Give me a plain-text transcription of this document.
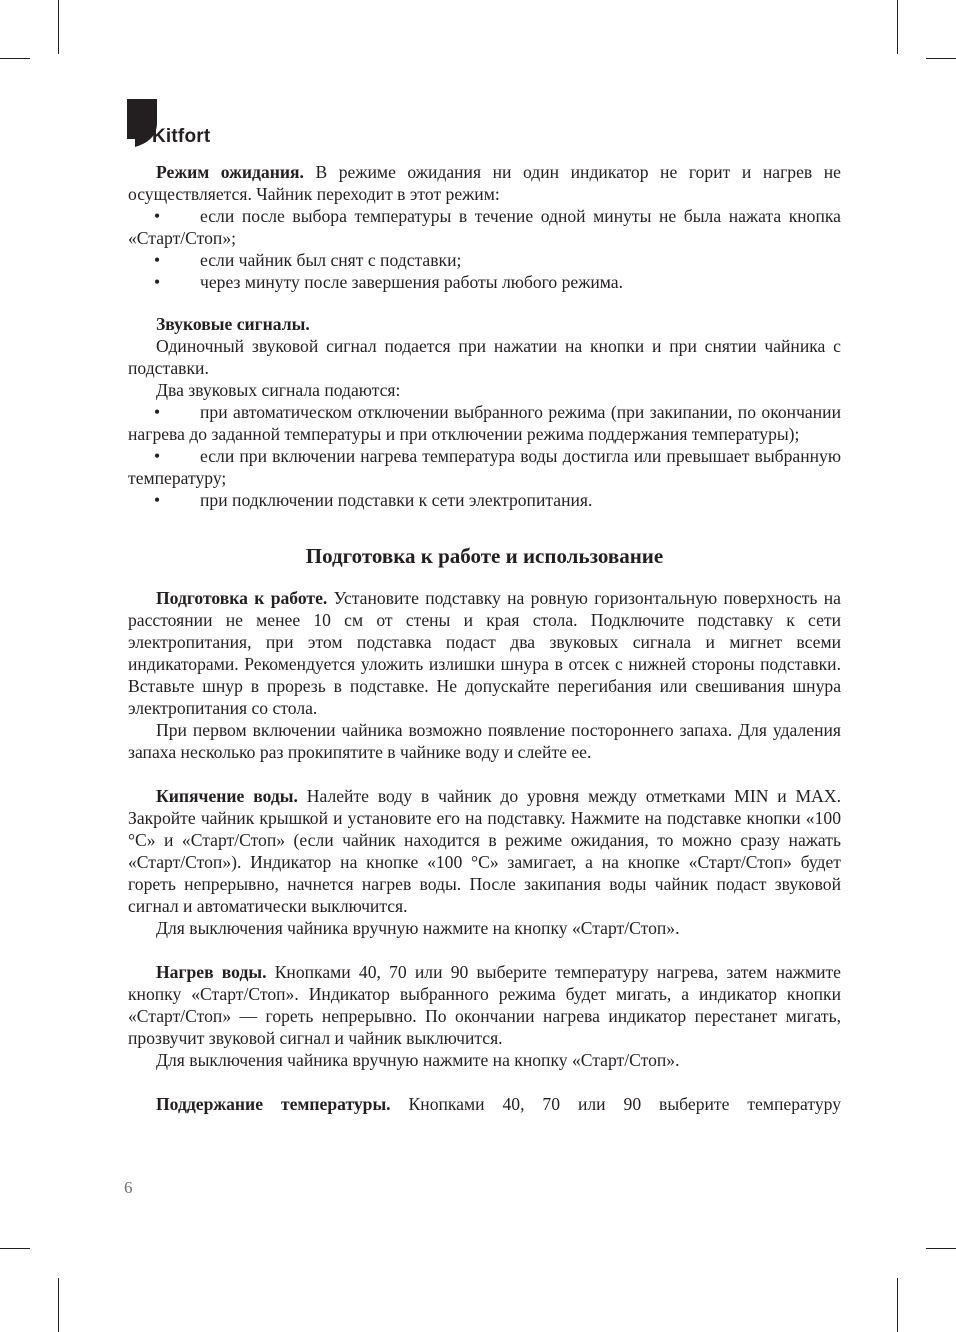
Kitfort

Режим ожидания. В режиме ожидания ни один индикатор не горит и нагрев не осуществляется. Чайник переходит в этот режим:

• если после выбора температуры в течение одной минуты не была нажата кнопка «Старт/Стоп»;

• если чайник был снят с подставки;

• через минуту после завершения работы любого режима.

Звуковые сигналы.

Одиночный звуковой сигнал подается при нажатии на кнопки и при снятии чайника с подставки.

Два звуковых сигнала подаются:

• при автоматическом отключении выбранного режима (при закипании, по окончании нагрева до заданной температуры и при отключении режима поддержания температуры);

• если при включении нагрева температура воды достигла или превышает выбранную температуру;

• при подключении подставки к сети электропитания.

Подготовка к работе и использование

Подготовка к работе. Установите подставку на ровную горизонтальную поверхность на расстоянии не менее 10 см от стены и края стола. Подключите подставку к сети электропитания, при этом подставка подаст два звуковых сигнала и мигнет всеми индикаторами. Рекомендуется уложить излишки шнура в отсек с нижней стороны подставки. Вставьте шнур в прорезь в подставке. Не допускайте перегибания или свешивания шнура электропитания со стола.

При первом включении чайника возможно появление постороннего запаха. Для удаления запаха несколько раз прокипятите в чайнике воду и слейте ее.

Кипячение воды. Налейте воду в чайник до уровня между отметками MIN и MAX. Закройте чайник крышкой и установите его на подставку. Нажмите на подставке кнопки «100 °С» и «Старт/Стоп» (если чайник находится в режиме ожидания, то можно сразу нажать «Старт/Стоп»). Индикатор на кнопке «100 °С» замигает, а на кнопке «Старт/Стоп» будет гореть непрерывно, начнется нагрев воды. После закипания воды чайник подаст звуковой сигнал и автоматически выключится.

Для выключения чайника вручную нажмите на кнопку «Старт/Стоп».

Нагрев воды. Кнопками 40, 70 или 90 выберите температуру нагрева, затем нажмите кнопку «Старт/Стоп». Индикатор выбранного режима будет мигать, а индикатор кнопки «Старт/Стоп» — гореть непрерывно. По окончании нагрева индикатор перестанет мигать, прозвучит звуковой сигнал и чайник выключится.

Для выключения чайника вручную нажмите на кнопку «Старт/Стоп».

Поддержание температуры. Кнопками 40, 70 или 90 выберите температуру

6
